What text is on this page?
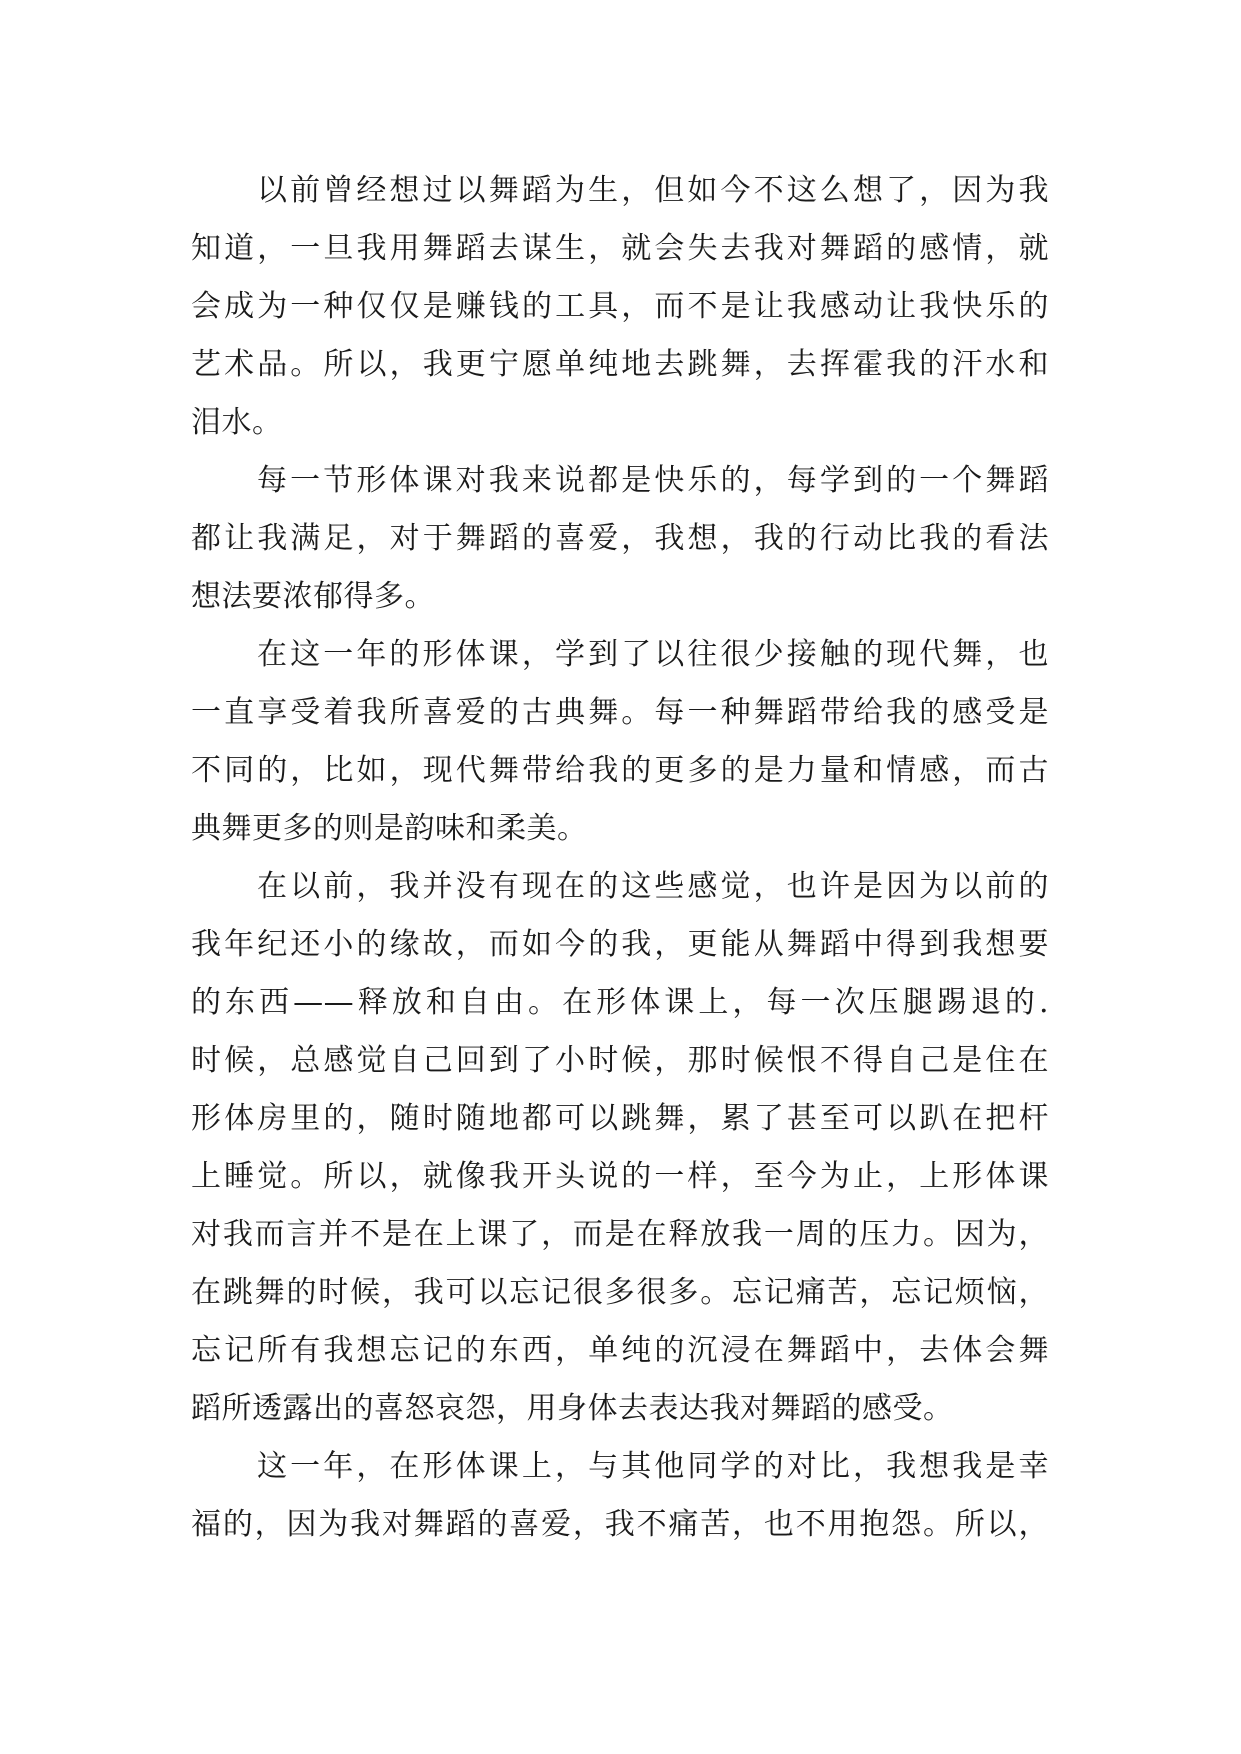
以前曾经想过以舞蹈为生，但如今不这么想了，因为我
知道，一旦我用舞蹈去谋生，就会失去我对舞蹈的感情，就
会成为一种仅仅是赚钱的工具，而不是让我感动让我快乐的
艺术品。所以，我更宁愿单纯地去跳舞，去挥霍我的汗水和
泪水。
每一节形体课对我来说都是快乐的，每学到的一个舞蹈
都让我满足，对于舞蹈的喜爱，我想，我的行动比我的看法
想法要浓郁得多。
在这一年的形体课，学到了以往很少接触的现代舞，也
一直享受着我所喜爱的古典舞。每一种舞蹈带给我的感受是
不同的，比如，现代舞带给我的更多的是力量和情感，而古
典舞更多的则是韵味和柔美。
在以前，我并没有现在的这些感觉，也许是因为以前的
我年纪还小的缘故，而如今的我，更能从舞蹈中得到我想要
的东西——释放和自由。在形体课上，每一次压腿踢退的.
时候，总感觉自己回到了小时候，那时候恨不得自己是住在
形体房里的，随时随地都可以跳舞，累了甚至可以趴在把杆
上睡觉。所以，就像我开头说的一样，至今为止，上形体课
对我而言并不是在上课了，而是在释放我一周的压力。因为，
在跳舞的时候，我可以忘记很多很多。忘记痛苦，忘记烦恼，
忘记所有我想忘记的东西，单纯的沉浸在舞蹈中，去体会舞
蹈所透露出的喜怒哀怨，用身体去表达我对舞蹈的感受。
这一年，在形体课上，与其他同学的对比，我想我是幸
福的，因为我对舞蹈的喜爱，我不痛苦，也不用抱怨。所以，
